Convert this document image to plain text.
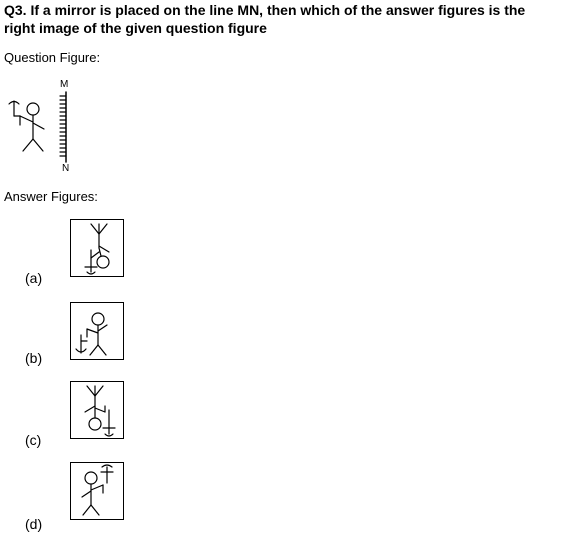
Q3. If a mirror is placed on the line MN, then which of the answer figures is the right image of the given question figure
Question Figure:
M
N
Answer Figures:
(a)
(b)
(c)
(d)
